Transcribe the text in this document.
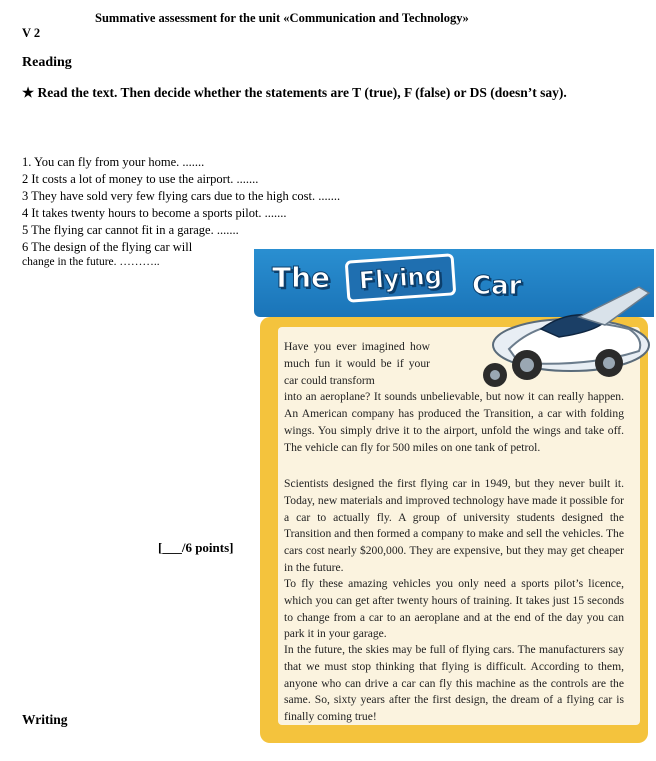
Summative assessment for the unit «Communication and Technology»
V 2
Reading
★ Read the text. Then decide whether the statements are T (true), F (false) or DS (doesn’t say).
1. You can fly from your home. .......
2 It costs a lot of money to use the airport. .......
3 They have sold very few flying cars due to the high cost. .......
4 It takes twenty hours to become a sports pilot. .......
5 The flying car cannot fit in a garage. .......
6 The design of the flying car will
change in the future. ………..
[___/6 points]
The	Flying	Car

Have you ever imagined how much fun it would be if your car could transform
into an aeroplane? It sounds unbelievable, but now it can really happen. An American company has produced the Transition, a car with folding wings. You simply drive it to the airport, unfold the wings and take off. The vehicle can fly for 500 miles on one tank of petrol.

Scientists designed the first flying car in 1949, but they never built it. Today, new materials and improved technology have made it possible for a car to actually fly. A group of university students designed the Transition and then formed a company to make and sell the vehicles. The cars cost nearly $200,000. They are expensive, but they may get cheaper in the future.

To fly these amazing vehicles you only need a sports pilot’s licence, which you can get after twenty hours of training. It takes just 15 seconds to change from a car to an aeroplane and at the end of the day you can park it in your garage.

In the future, the skies may be full of flying cars. The manufacturers say that we must stop thinking that flying is difficult. According to them, anyone who can drive a car can fly this machine as the controls are the same. So, sixty years after the first design, the dream of a flying car is finally coming true!

Writing
